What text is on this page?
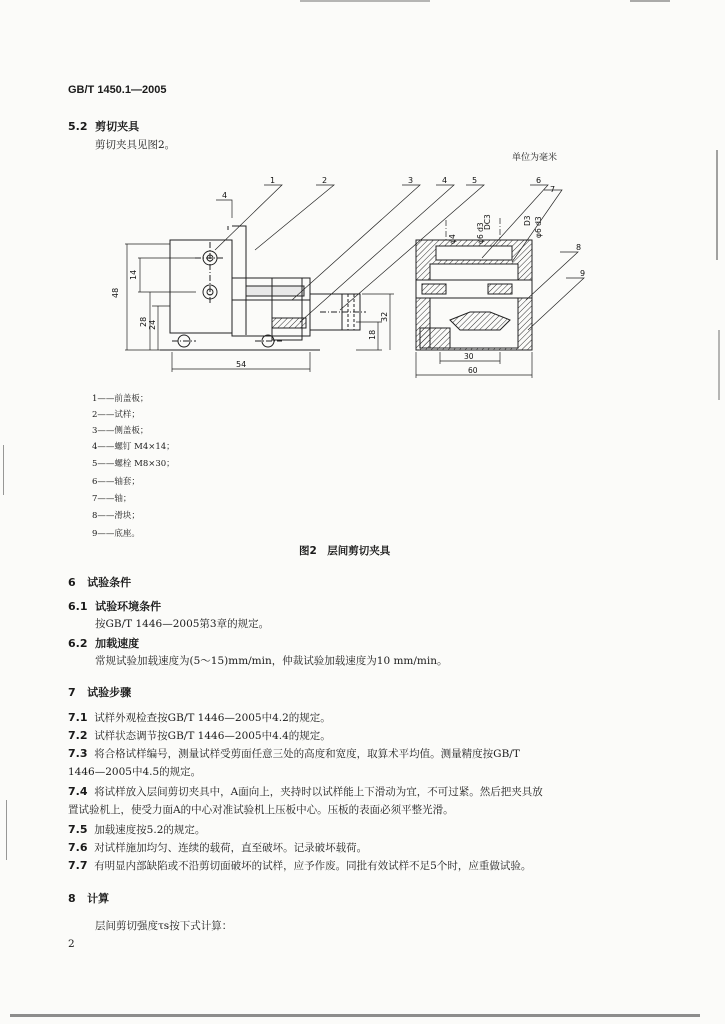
GB/T 1450.1—2005
5.2 剪切夹具
剪切夹具见图2。
单位为毫米
48
14
28 24
54
18
32
φ4	φ6 d3
DC3	D3 φ6 d3
30
60
1	2	3	4	5
4
6
7
8
9
1——前盖板；
2——试样；
3——侧盖板；
4——螺钉 M4×14；
5——螺栓 M8×30；
6——轴套；
7——轴；
8——滑块；
9——底座。
图2　层间剪切夹具
6 试验条件
6.1 试验环境条件
按GB/T 1446—2005第3章的规定。
6.2 加载速度
常规试验加载速度为(5～15)mm/min，仲裁试验加载速度为10 mm/min。
7 试验步骤
7.1 试样外观检查按GB/T 1446—2005中4.2的规定。
7.2 试样状态调节按GB/T 1446—2005中4.4的规定。
7.3 将合格试样编号，测量试样受剪面任意三处的高度和宽度，取算术平均值。测量精度按GB/T
1446—2005中4.5的规定。
7.4 将试样放入层间剪切夹具中，A面向上，夹持时以试样能上下滑动为宜，不可过紧。然后把夹具放
置试验机上，使受力面A的中心对准试验机上压板中心。压板的表面必须平整光滑。
7.5 加载速度按5.2的规定。
7.6 对试样施加均匀、连续的载荷，直至破坏。记录破坏载荷。
7.7 有明显内部缺陷或不沿剪切面破坏的试样，应予作废。同批有效试样不足5个时，应重做试验。
8 计算
层间剪切强度τs按下式计算：
2
